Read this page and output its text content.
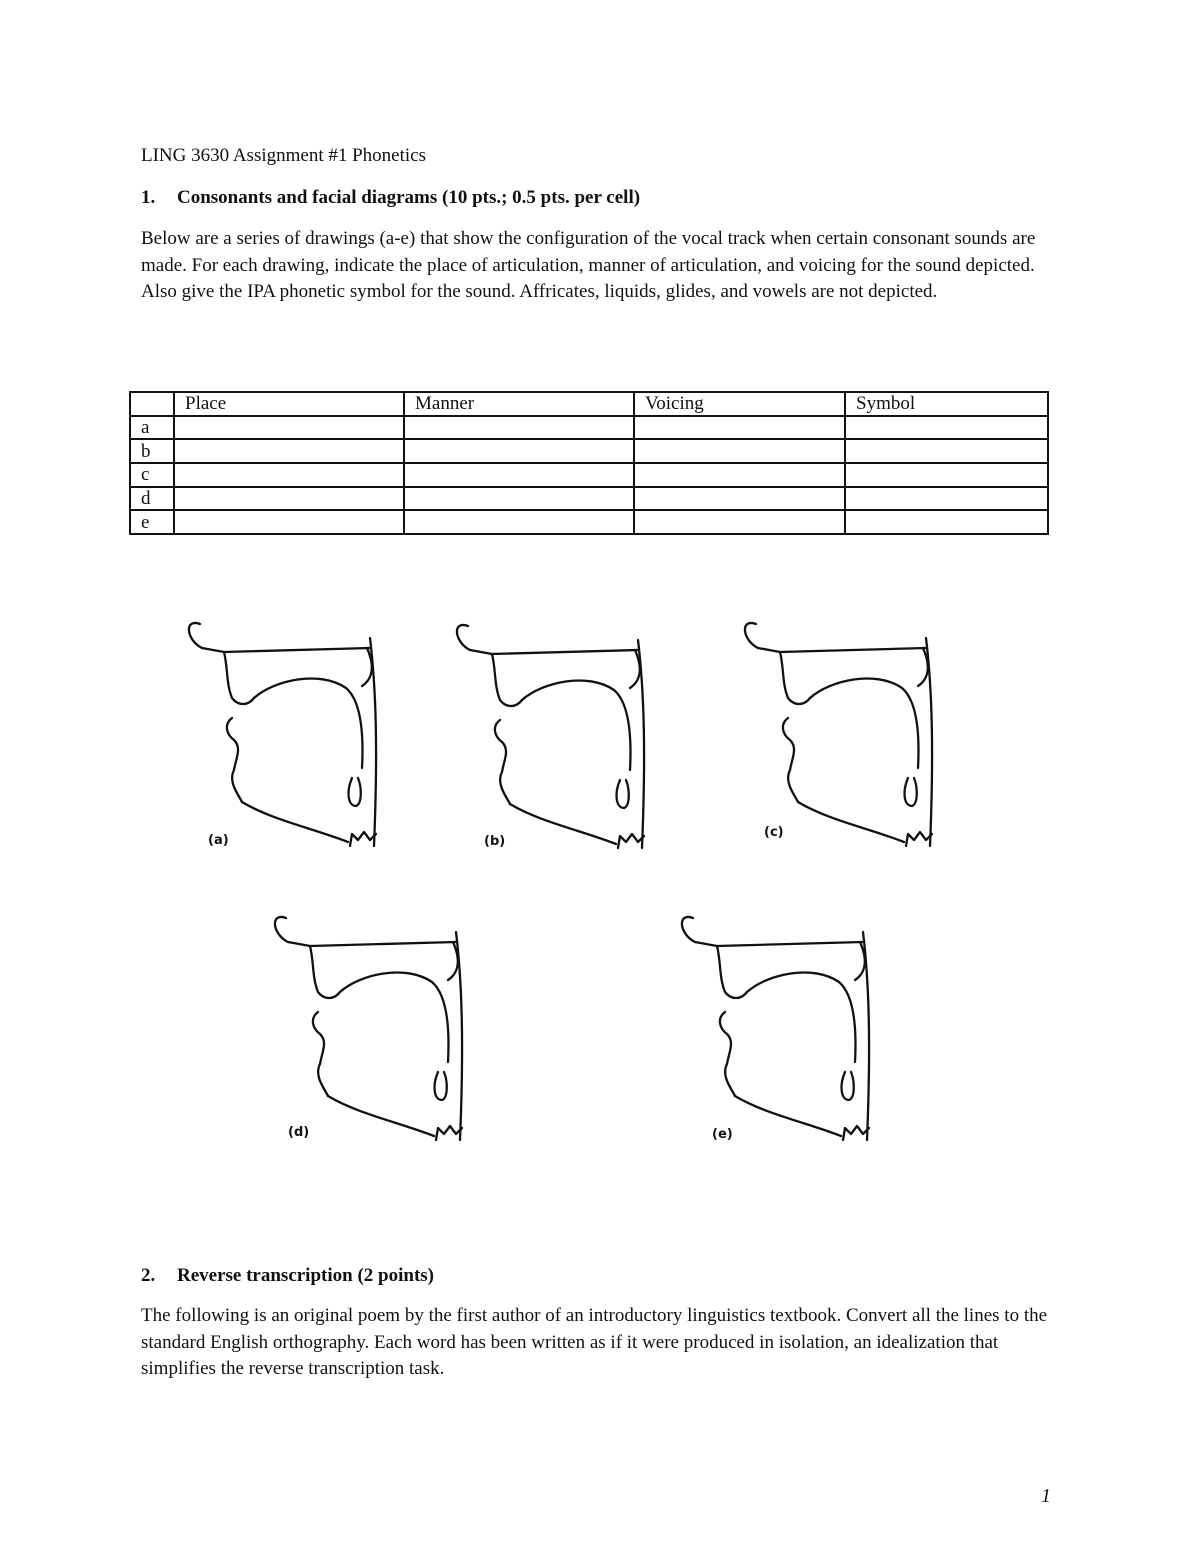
LING 3630 Assignment #1 Phonetics
1. Consonants and facial diagrams (10 pts.; 0.5 pts. per cell)
Below are a series of drawings (a-e) that show the configuration of the vocal track when certain consonant sounds are made. For each drawing, indicate the place of articulation, manner of articulation, and voicing for the sound depicted. Also give the IPA phonetic symbol for the sound. Affricates, liquids, glides, and vowels are not depicted.
	Place	Manner	Voicing	Symbol
a				
b				
c				
d				
e				
(a)	(b)
(c)
(d)	(e)
2. Reverse transcription (2 points)
The following is an original poem by the first author of an introductory linguistics textbook. Convert all the lines to the standard English orthography. Each word has been written as if it were produced in isolation, an idealization that simplifies the reverse transcription task.
1
